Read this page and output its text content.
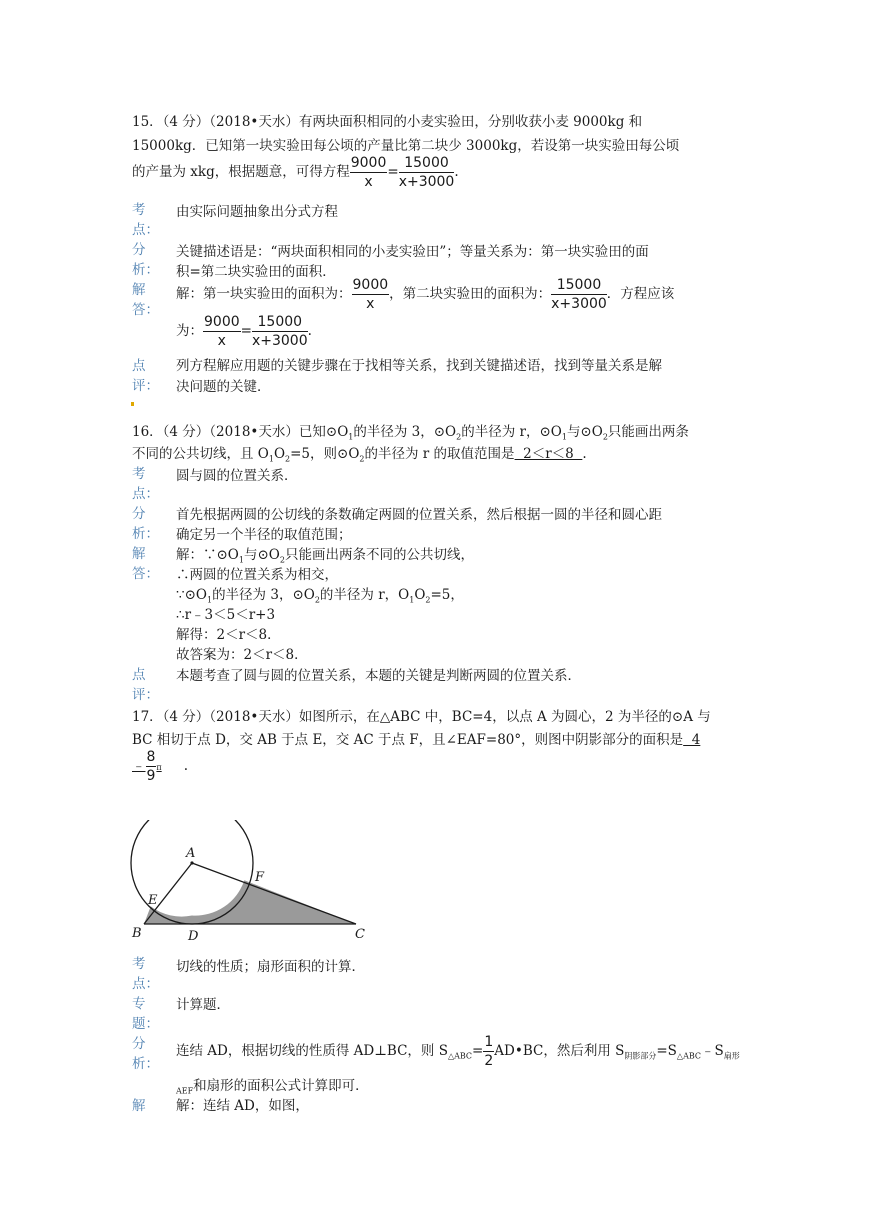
15．（4 分）（2018•天水）有两块面积相同的小麦实验田，分别收获小麦 9000kg 和
15000kg．已知第一块实验田每公顷的产量比第二块少 3000kg，若设第一块实验田每公顷
的产量为 xkg，根据题意，可得方程 $\frac{9000}{x} = \frac{15000}{x+3000}$ .
考
点：
由实际问题抽象出分式方程
分
析：
关键描述语是：“两块面积相同的小麦实验田”；等量关系为：第一块实验田的面
积=第二块实验田的面积．
解
答：
解：第一块实验田的面积为： $\frac{9000}{x}$ ，第二块实验田的面积为： $\frac{15000}{x+3000}$ ．方程应该
为： $\frac{9000}{x} = \frac{15000}{x+3000}$ .
点
评：
列方程解应用题的关键步骤在于找相等关系，找到关键描述语，找到等量关系是解
决问题的关键．
16．（4 分）（2018•天水）已知$⊙O_1$的半径为 3，$⊙O_2$的半径为 r，$⊙O_1$与$⊙O_2$只能画出两条
不同的公共切线，且 $O_1O_2=5$，则$⊙O_2$的半径为 r 的取值范围是  2＜r＜8  .
考
点：
圆与圆的位置关系．
分
析：
首先根据两圆的公切线的条数确定两圆的位置关系，然后根据一圆的半径和圆心距
确定另一个半径的取值范围；
解
答：
解：$\because⊙O_1$与$⊙O_2$只能画出两条不同的公共切线，
∴两圆的位置关系为相交，
$\because⊙O_1$的半径为 3，$⊙O_2$的半径为 r，$O_1O_2=5$，
∴r﹣3＜5＜r+3
解得：2＜r＜8．
故答案为：2＜r＜8．
点
评：
本题考查了圆与圆的位置关系，本题的关键是判断两圆的位置关系．
17．（4 分）（2018•天水）如图所示，在△ABC 中，BC=4，以点 A 为圆心，2 为半径的⊙A 与
BC 相切于点 D，交 AB 于点 E，交 AC 于点 F，且∠EAF=80°，则图中阴影部分的面积是  4
﹣ $\frac{8}{9}$ π .
A
B	C
D
E
F
考
点：
切线的性质；扇形面积的计算．
专
题：
计算题．
分
析：
连结 AD，根据切线的性质得 AD⊥BC，则 $S_{\triangle ABC}= \frac{1}{2}$ AD•BC，然后利用 $S_{阴影部分}=S_{\triangle ABC}﹣S_{扇形}$
$_{AEF}$和扇形的面积公式计算即可．
解 解：连结 AD，如图，
